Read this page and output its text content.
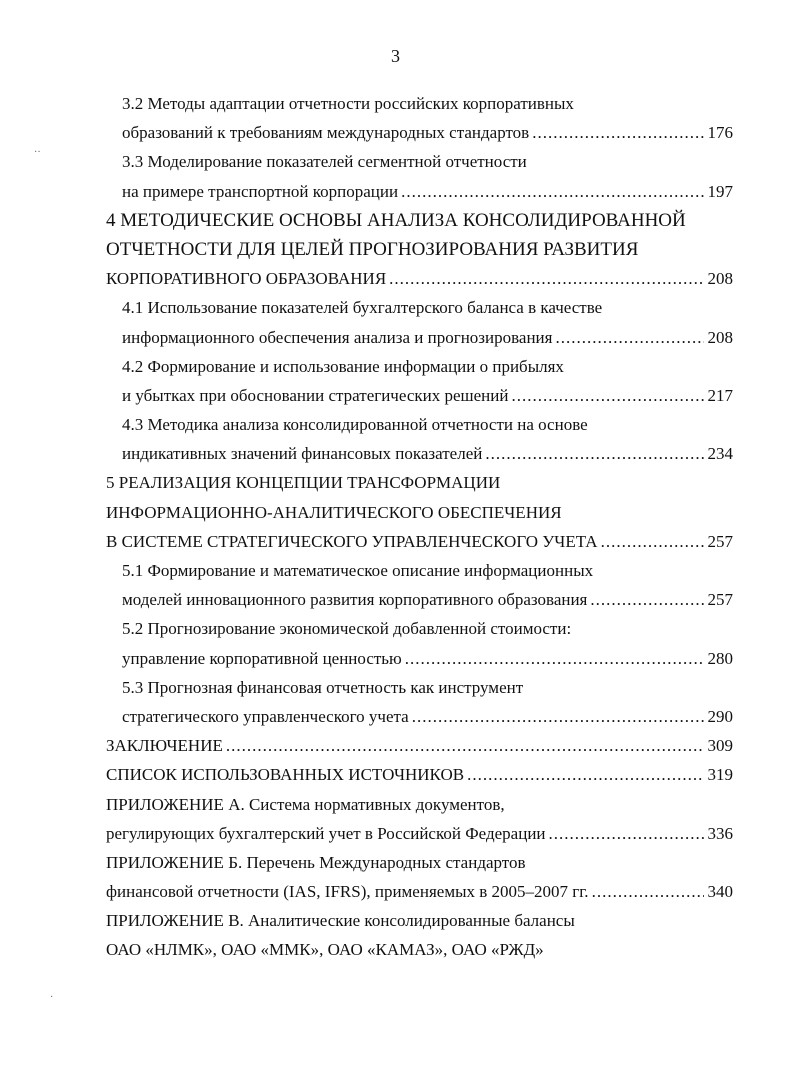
3
··
·
3.2 Методы адаптации отчетности российских корпоративных
образований к требованиям международных стандартов .....	176
3.3 Моделирование показателей сегментной отчетности
на примере транспортной корпорации .....	197
4 МЕТОДИЧЕСКИЕ ОСНОВЫ АНАЛИЗА КОНСОЛИДИРОВАННОЙ
ОТЧЕТНОСТИ ДЛЯ ЦЕЛЕЙ ПРОГНОЗИРОВАНИЯ РАЗВИТИЯ
КОРПОРАТИВНОГО ОБРАЗОВАНИЯ .....	208
4.1 Использование показателей бухгалтерского баланса в качестве
информационного обеспечения анализа и прогнозирования .....	208
4.2 Формирование и использование информации о прибылях
и убытках при обосновании стратегических решений .....	217
4.3 Методика анализа консолидированной отчетности на основе
индикативных значений финансовых показателей .....	234
5 РЕАЛИЗАЦИЯ КОНЦЕПЦИИ ТРАНСФОРМАЦИИ
ИНФОРМАЦИОННО-АНАЛИТИЧЕСКОГО ОБЕСПЕЧЕНИЯ
В СИСТЕМЕ СТРАТЕГИЧЕСКОГО УПРАВЛЕНЧЕСКОГО УЧЕТА .....	257
5.1 Формирование и математическое описание информационных
моделей инновационного развития корпоративного образования .....	257
5.2 Прогнозирование экономической добавленной стоимости:
управление корпоративной ценностью .....	280
5.3 Прогнозная финансовая отчетность как инструмент
стратегического управленческого учета .....	290
ЗАКЛЮЧЕНИЕ .....	309
СПИСОК ИСПОЛЬЗОВАННЫХ ИСТОЧНИКОВ .....	319
ПРИЛОЖЕНИЕ А. Система нормативных документов,
регулирующих бухгалтерский учет в Российской Федерации .....	336
ПРИЛОЖЕНИЕ Б. Перечень Международных стандартов
финансовой отчетности (IAS, IFRS), применяемых в 2005–2007 гг. .....	340
ПРИЛОЖЕНИЕ В. Аналитические консолидированные балансы
ОАО «НЛМК», ОАО «ММК», ОАО «КАМАЗ», ОАО «РЖД»
